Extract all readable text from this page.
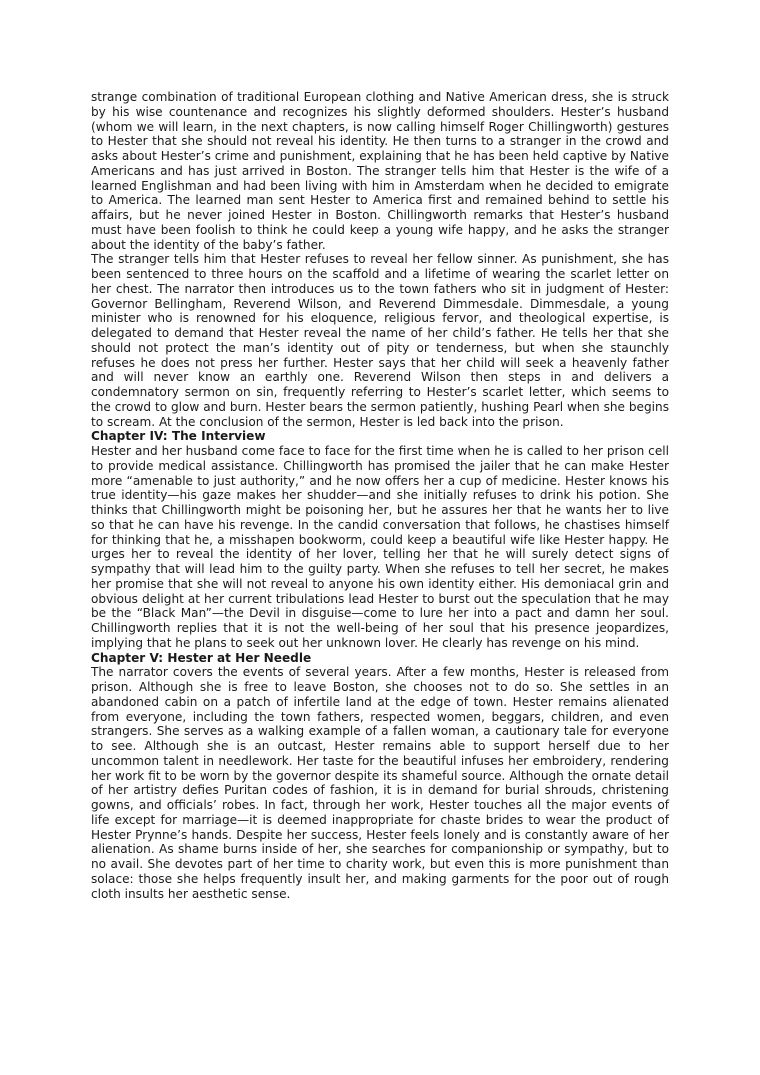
strange combination of traditional European clothing and Native American dress, she is struck by his wise countenance and recognizes his slightly deformed shoulders. Hester’s husband (whom we will learn, in the next chapters, is now calling himself Roger Chillingworth) gestures to Hester that she should not reveal his identity. He then turns to a stranger in the crowd and asks about Hester’s crime and punishment, explaining that he has been held captive by Native Americans and has just arrived in Boston. The stranger tells him that Hester is the wife of a learned Englishman and had been living with him in Amsterdam when he decided to emigrate to America. The learned man sent Hester to America first and remained behind to settle his affairs, but he never joined Hester in Boston. Chillingworth remarks that Hester’s husband must have been foolish to think he could keep a young wife happy, and he asks the stranger about the identity of the baby’s father.

The stranger tells him that Hester refuses to reveal her fellow sinner. As punishment, she has been sentenced to three hours on the scaffold and a lifetime of wearing the scarlet letter on her chest. The narrator then introduces us to the town fathers who sit in judgment of Hester: Governor Bellingham, Reverend Wilson, and Reverend Dimmesdale. Dimmesdale, a young minister who is renowned for his eloquence, religious fervor, and theological expertise, is delegated to demand that Hester reveal the name of her child’s father. He tells her that she should not protect the man’s identity out of pity or tenderness, but when she staunchly refuses he does not press her further. Hester says that her child will seek a heavenly father and will never know an earthly one. Reverend Wilson then steps in and delivers a condemnatory sermon on sin, frequently referring to Hester’s scarlet letter, which seems to the crowd to glow and burn. Hester bears the sermon patiently, hushing Pearl when she begins to scream. At the conclusion of the sermon, Hester is led back into the prison.

Chapter IV: The Interview

Hester and her husband come face to face for the first time when he is called to her prison cell to provide medical assistance. Chillingworth has promised the jailer that he can make Hester more “amenable to just authority,” and he now offers her a cup of medicine. Hester knows his true identity—his gaze makes her shudder—and she initially refuses to drink his potion. She thinks that Chillingworth might be poisoning her, but he assures her that he wants her to live so that he can have his revenge. In the candid conversation that follows, he chastises himself for thinking that he, a misshapen bookworm, could keep a beautiful wife like Hester happy. He urges her to reveal the identity of her lover, telling her that he will surely detect signs of sympathy that will lead him to the guilty party. When she refuses to tell her secret, he makes her promise that she will not reveal to anyone his own identity either. His demoniacal grin and obvious delight at her current tribulations lead Hester to burst out the speculation that he may be the “Black Man”—the Devil in disguise—come to lure her into a pact and damn her soul. Chillingworth replies that it is not the well-being of her soul that his presence jeopardizes, implying that he plans to seek out her unknown lover. He clearly has revenge on his mind.

Chapter V: Hester at Her Needle

The narrator covers the events of several years. After a few months, Hester is released from prison. Although she is free to leave Boston, she chooses not to do so. She settles in an abandoned cabin on a patch of infertile land at the edge of town. Hester remains alienated from everyone, including the town fathers, respected women, beggars, children, and even strangers. She serves as a walking example of a fallen woman, a cautionary tale for everyone to see. Although she is an outcast, Hester remains able to support herself due to her uncommon talent in needlework. Her taste for the beautiful infuses her embroidery, rendering her work fit to be worn by the governor despite its shameful source. Although the ornate detail of her artistry defies Puritan codes of fashion, it is in demand for burial shrouds, christening gowns, and officials’ robes. In fact, through her work, Hester touches all the major events of life except for marriage—it is deemed inappropriate for chaste brides to wear the product of Hester Prynne’s hands. Despite her success, Hester feels lonely and is constantly aware of her alienation. As shame burns inside of her, she searches for companionship or sympathy, but to no avail. She devotes part of her time to charity work, but even this is more punishment than solace: those she helps frequently insult her, and making garments for the poor out of rough cloth insults her aesthetic sense.
